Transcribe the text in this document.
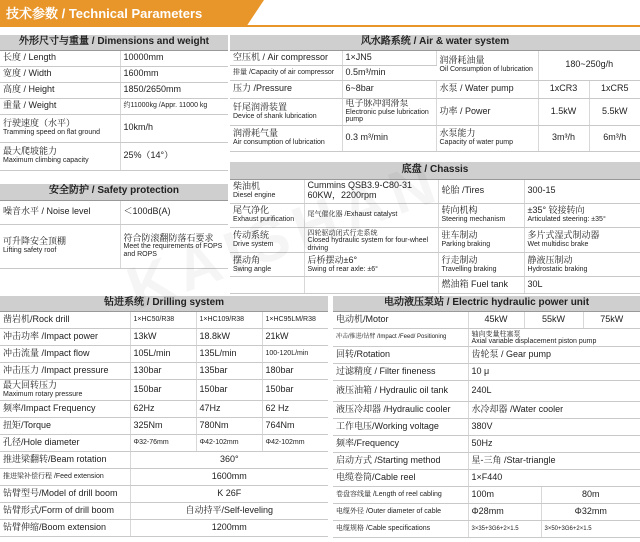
技术参数 / Technical Parameters
外形尺寸与重量 / Dimensions and weight	
长度 / Length	10000mm
宽度 / Width	1600mm
高度 / Height	1850/2650mm
重量 / Weight	约11000kg /Appr. 11000 kg
行驶速度（水平）
Tramming speed on flat ground	10km/h
最大爬坡能力
Maximum climbing capacity	25%（14°）
安全防护 / Safety protection	
噪音水平 / Noise level	＜100dB(A)
可升降安全顶棚
Lifting safety roof	符合防滚翻防落石要求
Meet the requirements of FOPS and ROPS
风水路系统 / Air & water system				
空压机 / Air compressor	1×JN5	润滑耗油量
Oil Consumption of lubrication	180~250g/h	
排量 /Capacity of air compressor	0.5m³/min			
压力 /Pressure	6~8bar	水泵 / Water pump	1xCR3	1xCR5
钎尾润滑装置
Device of shank lubrication	电子脉冲润滑泵
Electronic pulse lubrication pump	功率 / Power	1.5kW	5.5kW
润滑耗气量
Air consumption of lubrication	0.3 m³/min	水泵能力
Capacity of water pump	3m³/h	6m³/h
底盘 / Chassis			
柴油机
Diesel engine	Cummins QSB3.9-C80-31
60KW，2200rpm	轮胎 /Tires	300-15
尾气净化
Exhaust purification	尾气催化器 /Exhaust catalyst	转向机构
Steering mechanism	±35° 铰接转向
Articulated steering: ±35°

传动系统
Drive system	四轮驱动闭式行走系统
Closed hydraulic system for four-wheel driving	驻车制动
Parking braking	多片式湿式制动器
Wet multidisc brake

摆动角
Swing angle	后桥摆动±6°
Swing of rear axle: ±6°	行走制动
Travelling braking	静液压制动
Hydrostatic braking

		燃油箱 Fuel tank	30L
钻进系统 / Drilling system			
凿岩机/Rock drill	1×HC50/R38	1×HC109/R38	1×HC95LM/R38
冲击功率 /Impact power	13kW	18.8kW	21kW
冲击流量 /Impact flow	105L/min	135L/min	100-120L/min
冲击压力 /Impact pressure	130bar	135bar	180bar
最大回转压力
Maximum rotary pressure	150bar	150bar	150bar
频率/Impact Frequency	62Hz	47Hz	62 Hz
扭矩/Torque	325Nm	780Nm	764Nm
孔径/Hole diameter	Φ32-76mm	Φ42-102mm	Φ42-102mm
推进梁翻转/Beam rotation	360°		
推进梁补偿行程 /Feed extension	1600mm		
钻臂型号/Model of drill boom	K 26F		
钻臂形式/Form of drill boom	自动持平/Self-leveling		
钻臂伸缩/Boom extension	1200mm		
电动液压泵站 / Electric hydraulic power unit				
电动机/Motor	45kW	55kW		75kW
冲击/推进/钻臂 /Impact /Feed/ Positioning	轴向变量柱塞泵
Axial variable displacement piston pump			

回转/Rotation	齿轮泵 / Gear pump			
过滤精度 / Filter fineness	10 μ			
液压油箱 / Hydraulic oil tank	240L			
液压冷却器 /Hydraulic cooler	水冷却器 /Water cooler			
工作电压/Working voltage	380V			
频率/Frequency	50Hz			
启动方式 /Starting method	星-三角 /Star-triangle			
电缆卷筒/Cable reel	1×F440			
卷盘容线量 /Length of reel cabling	100m		80m	
电缆外径 /Outer diameter of cable	Φ28mm		Φ32mm	
电缆规格 /Cable specifications	3×35+3G6+2×1.5		3×50+3G6+2×1.5	
